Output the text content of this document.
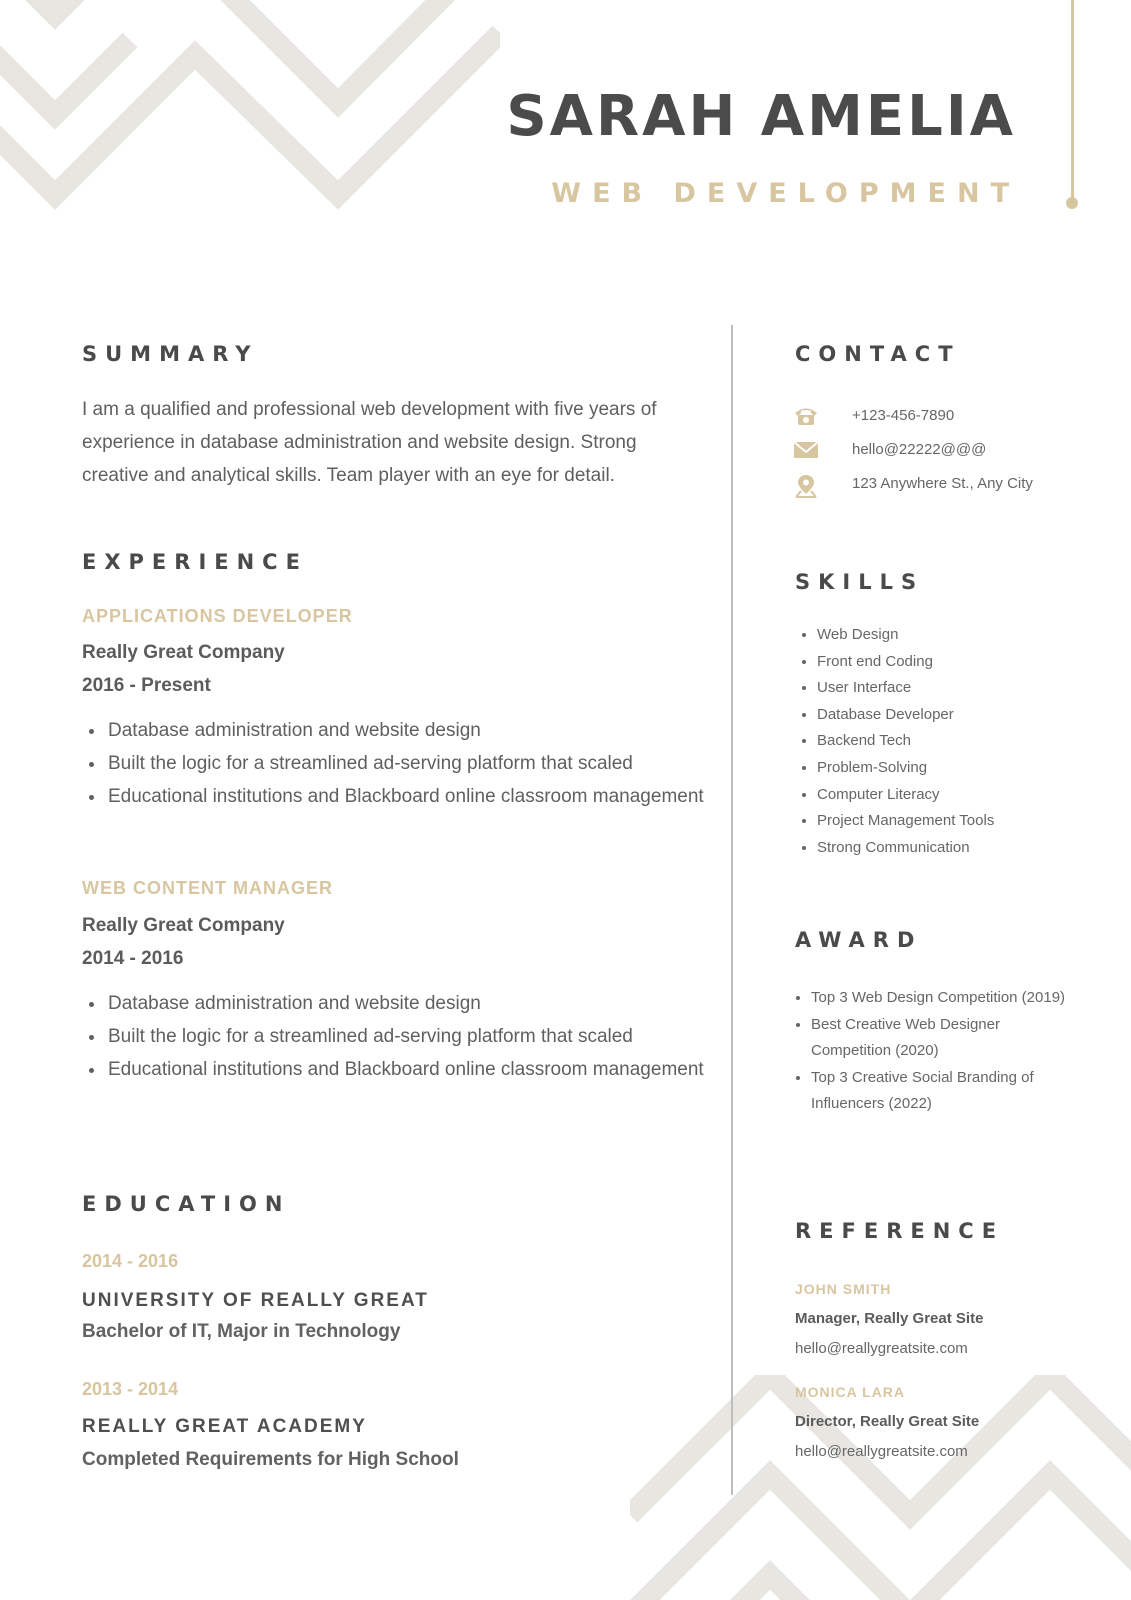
SARAH AMELIA
WEB DEVELOPMENT
SUMMARY

I am a qualified and professional web development with five years of experience in database administration and website design. Strong creative and analytical skills. Team player with an eye for detail.

EXPERIENCE
APPLICATIONS DEVELOPER
Really Great Company
2016 - Present
• Database administration and website design
• Built the logic for a streamlined ad-serving platform that scaled
• Educational institutions and Blackboard online classroom management
WEB CONTENT MANAGER
Really Great Company
2014 - 2016
• Database administration and website design
• Built the logic for a streamlined ad-serving platform that scaled
• Educational institutions and Blackboard online classroom management
EDUCATION
2014 - 2016
UNIVERSITY OF REALLY GREAT
Bachelor of IT, Major in Technology
2013 - 2014
REALLY GREAT ACADEMY
Completed Requirements for High School
CONTACT
+123-456-7890
hello@22222@@@
123 Anywhere St., Any City
SKILLS
• Web Design
• Front end Coding
• User Interface
• Database Developer
• Backend Tech
• Problem-Solving
• Computer Literacy
• Project Management Tools
• Strong Communication
AWARD
• Top 3 Web Design Competition (2019)
• Best Creative Web Designer Competition (2020)
• Top 3 Creative Social Branding of Influencers (2022)
REFERENCE
JOHN SMITH
Manager, Really Great Site
hello@reallygreatsite.com
MONICA LARA
Director, Really Great Site
hello@reallygreatsite.com
